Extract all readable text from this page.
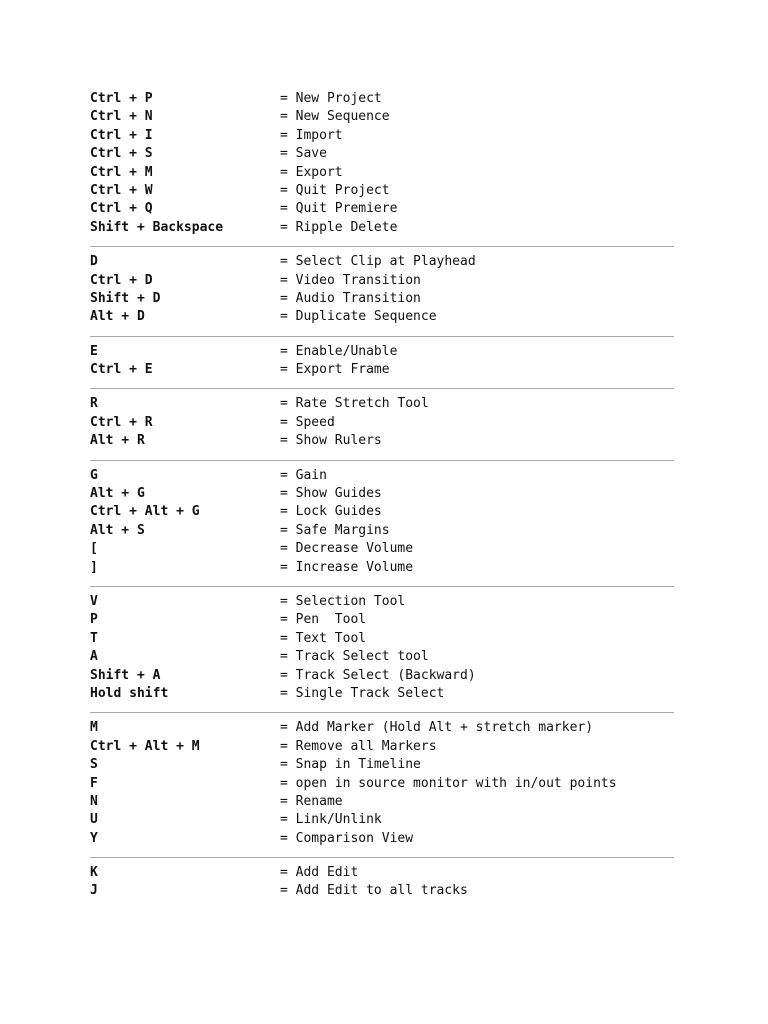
Ctrl + P	= New Project
Ctrl + N	= New Sequence
Ctrl + I	= Import
Ctrl + S	= Save
Ctrl + M	= Export
Ctrl + W	= Quit Project
Ctrl + Q	= Quit Premiere
Shift + Backspace	= Ripple Delete
D	= Select Clip at Playhead
Ctrl + D	= Video Transition
Shift + D	= Audio Transition
Alt + D	= Duplicate Sequence
E	= Enable/Unable
Ctrl + E	= Export Frame
R	= Rate Stretch Tool
Ctrl + R	= Speed
Alt + R	= Show Rulers
G	= Gain
Alt + G	= Show Guides
Ctrl + Alt + G	= Lock Guides
Alt + S	= Safe Margins
[	= Decrease Volume
]	= Increase Volume
V	= Selection Tool
P	= Pen  Tool
T	= Text Tool
A	= Track Select tool
Shift + A	= Track Select (Backward)
Hold shift	= Single Track Select
M	= Add Marker (Hold Alt + stretch marker)
Ctrl + Alt + M	= Remove all Markers
S	= Snap in Timeline
F	= open in source monitor with in/out points
N	= Rename
U	= Link/Unlink
Y	= Comparison View
K	= Add Edit
J	= Add Edit to all tracks
